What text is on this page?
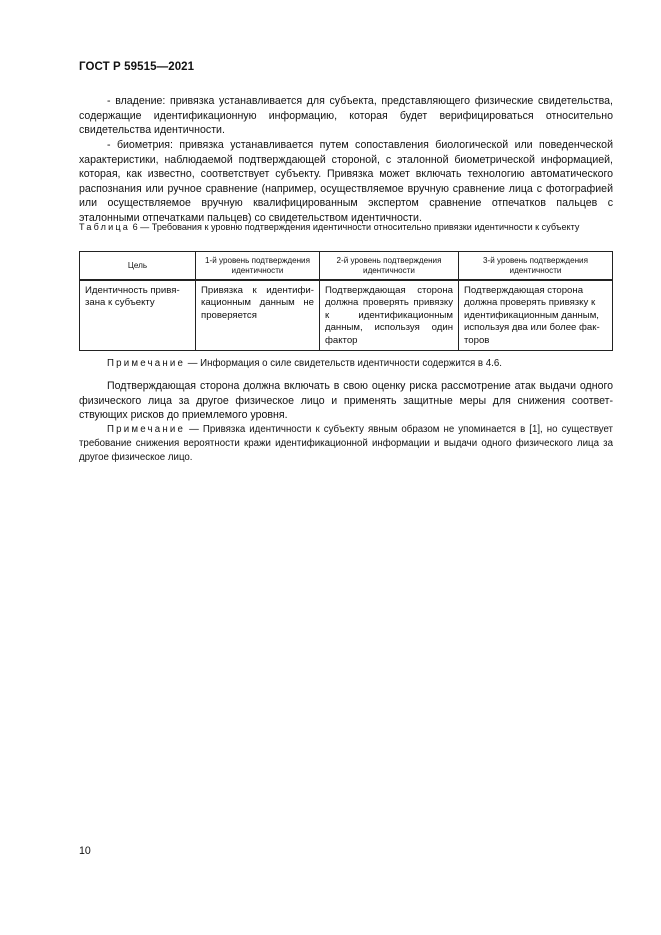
ГОСТ Р 59515—2021

- владение: привязка устанавливается для субъекта, представляющего физические свидетельства, содержащие идентификационную информацию, которая будет верифицироваться относительно свидетельства идентичности.

- биометрия: привязка устанавливается путем сопоставления биологической или поведенческой характеристики, наблюдаемой подтверждающей стороной, с эталонной биометрической информацией, которая, как известно, соответствует субъекту. Привязка может включать технологию автоматического распознания или ручное сравнение (например, осуществляемое вручную сравнение лица с фотографией или осуществляемое вручную квалифицированным экспертом сравнение отпечатков пальцев с эталонными отпечатками пальцев) со свидетельством идентичности.

Таблица 6 — Требования к уровню подтверждения идентичности относительно привязки идентичности к субъекту
Цель	1-й уровень подтверждения идентичности	2-й уровень подтверждения идентичности	3-й уровень подтверждения идентичности
Идентичность привязана к субъекту	Привязка к идентификационным данным не проверяется	Подтверждающая сторона должна проверять привязку к идентификационным данным, используя один фактор	Подтверждающая сторона должна проверять привязку к идентификационным данным, используя два или более факторов

Примечание — Информация о силе свидетельств идентичности содержится в 4.6.

Подтверждающая сторона должна включать в свою оценку риска рассмотрение атак выдачи одного физического лица за другое физическое лицо и применять защитные меры для снижения соответствующих рисков до приемлемого уровня.

Примечание — Привязка идентичности к субъекту явным образом не упоминается в [1], но существует требование снижения вероятности кражи идентификационной информации и выдачи одного физического лица за другое физическое лицо.

10
